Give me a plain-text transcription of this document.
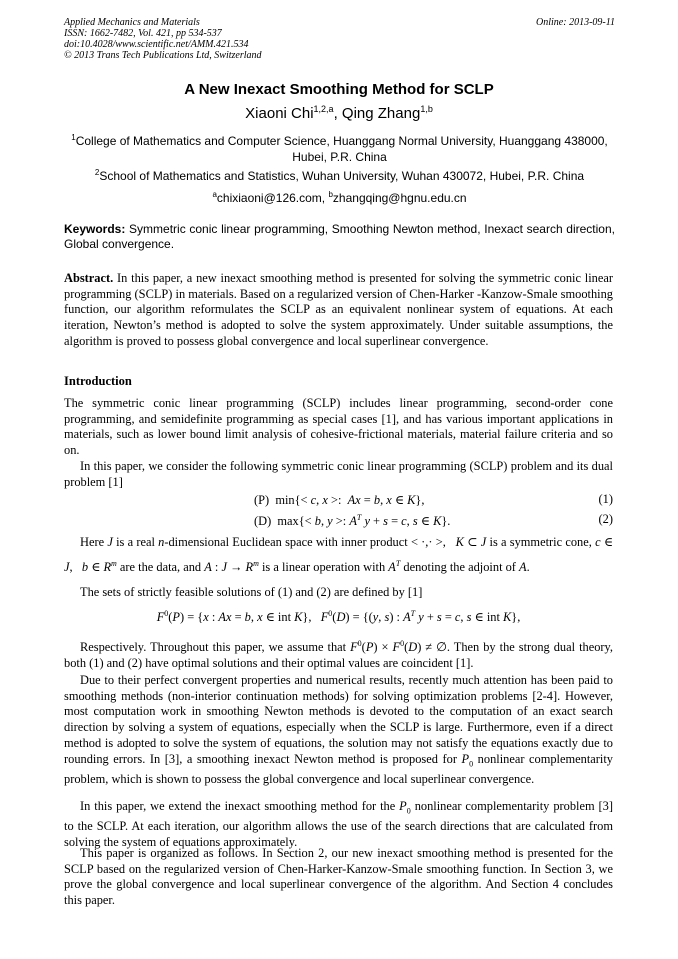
Applied Mechanics and Materials
ISSN: 1662-7482, Vol. 421, pp 534-537
doi:10.4028/www.scientific.net/AMM.421.534
© 2013 Trans Tech Publications Ltd, Switzerland
Online: 2013-09-11
A New Inexact Smoothing Method for SCLP
Xiaoni Chi$^{1,2,a}$, Qing Zhang$^{1,b}$
$^1$College of Mathematics and Computer Science, Huanggang Normal University, Huanggang 438000, Hubei, P.R. China
$^2$School of Mathematics and Statistics, Wuhan University, Wuhan 430072, Hubei, P.R. China
$^a$chixiaoni@126.com, $^b$zhangqing@hgnu.edu.cn
Keywords: Symmetric conic linear programming, Smoothing Newton method, Inexact search direction, Global convergence.
Abstract. In this paper, a new inexact smoothing method is presented for solving the symmetric conic linear programming (SCLP) in materials. Based on a regularized version of Chen-Harker -Kanzow-Smale smoothing function, our algorithm reformulates the SCLP as an equivalent nonlinear system of equations. At each iteration, Newton’s method is adopted to solve the system approximately. Under suitable assumptions, the algorithm is proved to possess global convergence and local superlinear convergence.
Introduction
The symmetric conic linear programming (SCLP) includes linear programming, second-order cone programming, and semidefinite programming as special cases [1], and has various important applications in materials, such as lower bound limit analysis of cohesive-frictional materials, material failure criteria and so on.
In this paper, we consider the following symmetric conic linear programming (SCLP) problem and its dual problem [1]
(P)  min{< c, x >:  Ax = b, x ∈ K},	(1)
(D)  max{< b, y >: $A^T$ y + s = c, s ∈ K}.	(2)
Here J is a real n-dimensional Euclidean space with inner product < ·,· >,   K ⊂ J is a symmetric cone, c ∈ J,   b ∈ $R^m$ are the data, and A : $J \to R^m$ is a linear operation with $A^T$ denoting the adjoint of A.
The sets of strictly feasible solutions of (1) and (2) are defined by [1]
$F^0(P) = \{x$ : Ax = b, x ∈ int K},   $F^0(D) = \{(y$, s) : $A^T$ y + s = c, s ∈ int K},
Respectively. Throughout this paper, we assume that $F^0(P) \times F^0(D)$ ≠ ∅. Then by the strong dual theory, both (1) and (2) have optimal solutions and their optimal values are coincident [1].
Due to their perfect convergent properties and numerical results, recently much attention has been paid to smoothing methods (non-interior continuation methods) for solving optimization problems [2-4]. However, most computation work in smoothing Newton methods is devoted to the computation of an exact search direction by solving a system of equations, especially when the SCLP is large. Furthermore, even if a direct method is adopted to solve the system of equations, the solution may not satisfy the equations exactly due to rounding errors. In [3], a smoothing inexact Newton method is proposed for $P_0$ nonlinear complementarity problem, which is shown to possess the global convergence and local superlinear convergence.
In this paper, we extend the inexact smoothing method for the $P_0$ nonlinear complementarity problem [3] to the SCLP. At each iteration, our algorithm allows the use of the search directions that are calculated from solving the system of equations approximately.
This paper is organized as follows. In Section 2, our new inexact smoothing method is presented for the SCLP based on the regularized version of Chen-Harker-Kanzow-Smale smoothing function. In Section 3, we prove the global convergence and local superlinear convergence of the algorithm. And Section 4 concludes this paper.
